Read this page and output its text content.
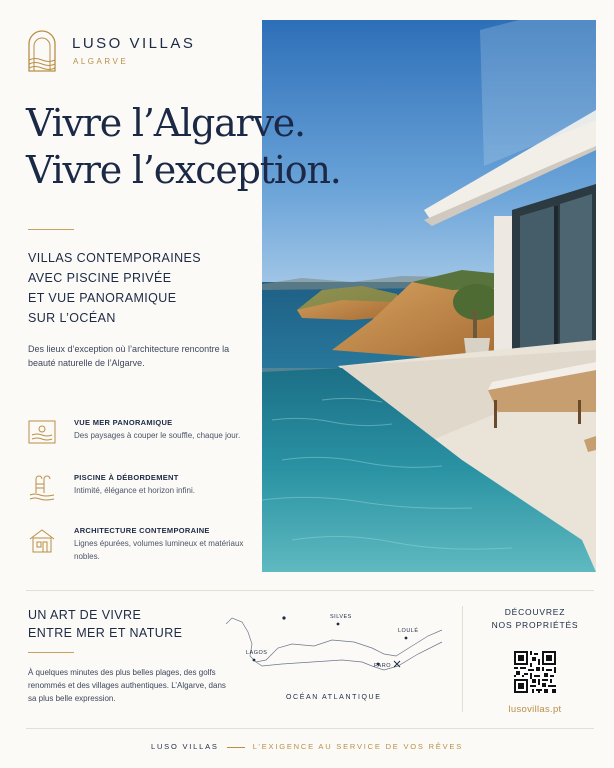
LUSO VILLAS
ALGARVE
Vivre l’Algarve.
Vivre l’exception.
VILLAS CONTEMPORAINES
AVEC PISCINE PRIVÉE
ET VUE PANORAMIQUE
SUR L’OCÉAN

Des lieux d’exception où l’architecture rencontre la beauté naturelle de l’Algarve.

VUE MER PANORAMIQUE
Des paysages à couper le souffle, chaque jour.
PISCINE À DÉBORDEMENT
Intimité, élégance et horizon infini.
ARCHITECTURE CONTEMPORAINE
Lignes épurées, volumes lumineux et matériaux nobles.
UN ART DE VIVRE
ENTRE MER ET NATURE

À quelques minutes des plus belles plages, des golfs renommés et des villages authentiques. L’Algarve, dans sa plus belle expression.

SILVES
LOULÉ
LAGOS
FARO
OCÉAN ATLANTIQUE
DÉCOUVREZ
NOS PROPRIÉTÉS
lusovillas.pt
LUSO VILLAS	L’EXIGENCE AU SERVICE DE VOS RÊVES
